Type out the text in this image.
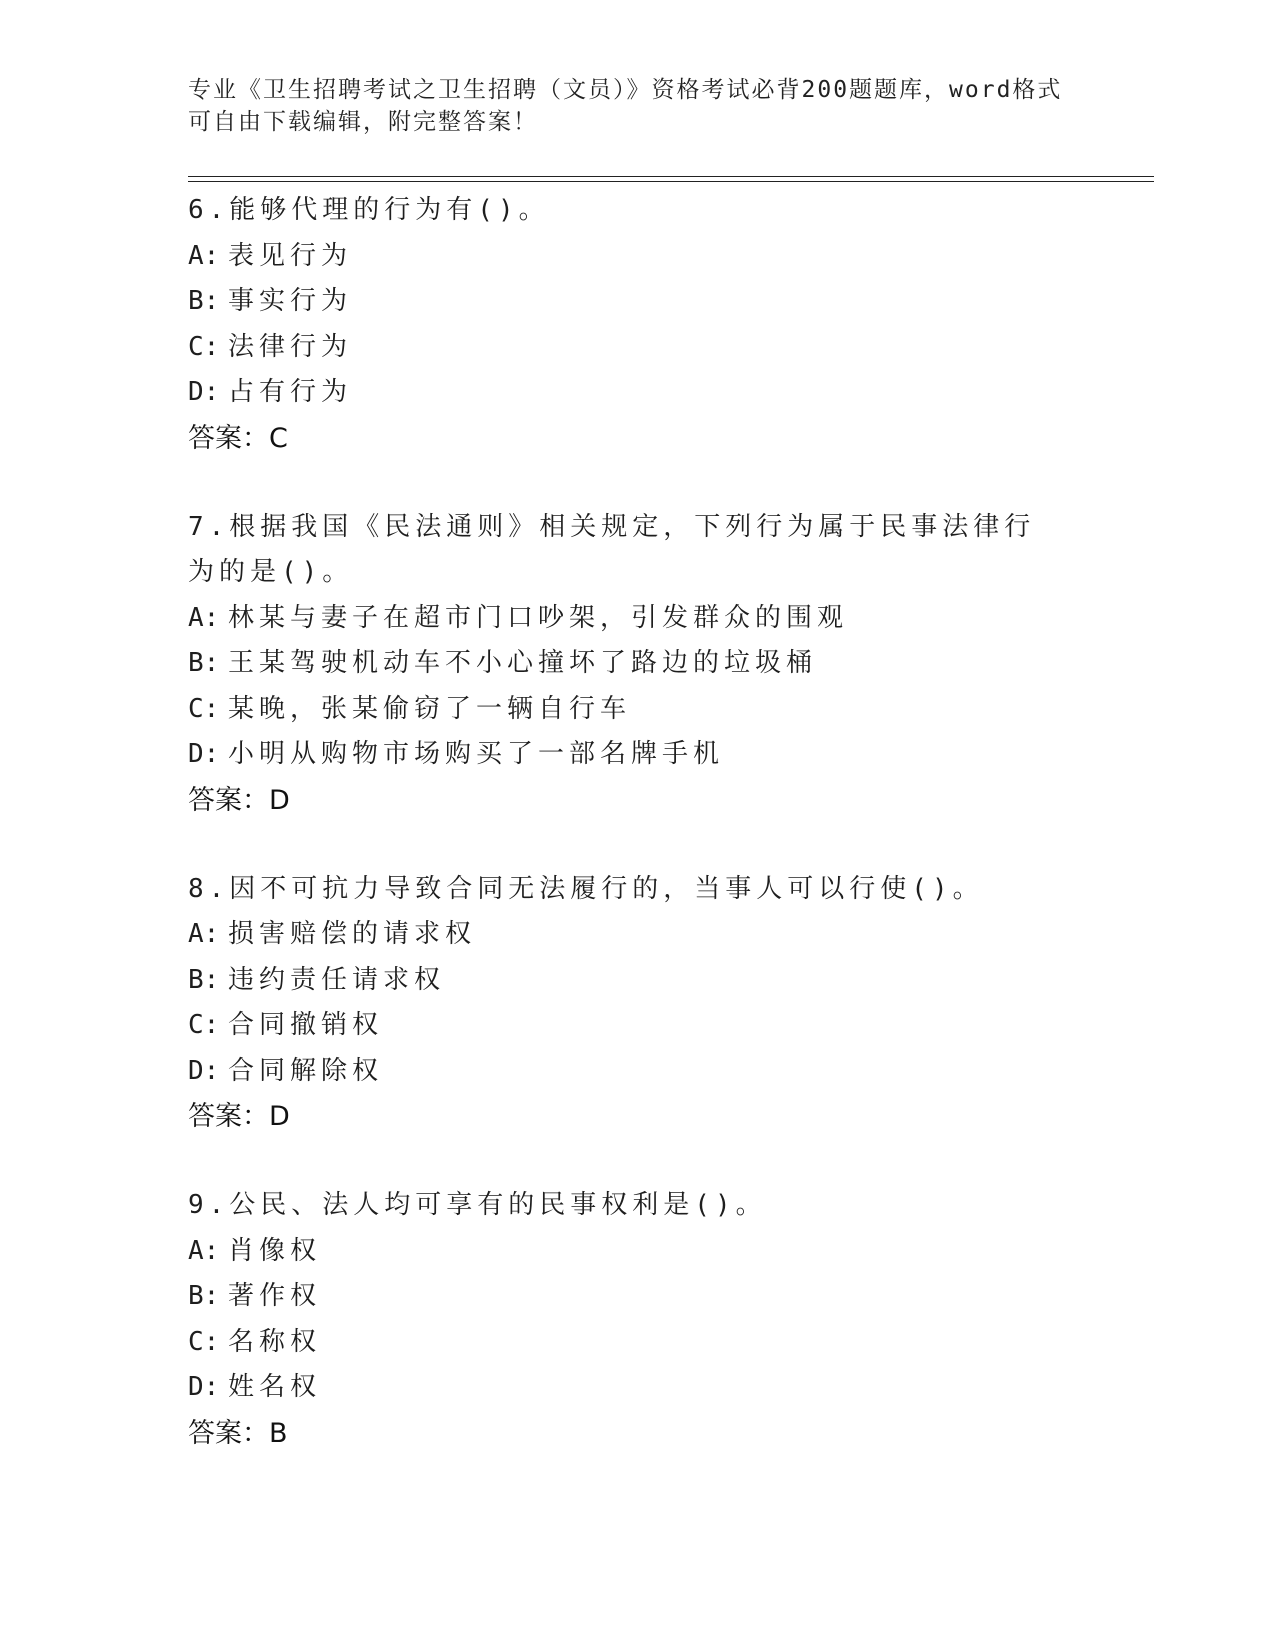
专业《卫生招聘考试之卫生招聘（文员）》资格考试必背200题题库，word格式
可自由下载编辑，附完整答案！
6.能够代理的行为有()。
A: 表见行为
B: 事实行为
C: 法律行为
D: 占有行为
答案：C
7.根据我国《民法通则》相关规定，下列行为属于民事法律行为的是()。
A: 林某与妻子在超市门口吵架，引发群众的围观
B: 王某驾驶机动车不小心撞坏了路边的垃圾桶
C: 某晚，张某偷窃了一辆自行车
D: 小明从购物市场购买了一部名牌手机
答案：D
8.因不可抗力导致合同无法履行的，当事人可以行使()。
A: 损害赔偿的请求权
B: 违约责任请求权
C: 合同撤销权
D: 合同解除权
答案：D
9.公民、法人均可享有的民事权利是()。
A: 肖像权
B: 著作权
C: 名称权
D: 姓名权
答案：B
